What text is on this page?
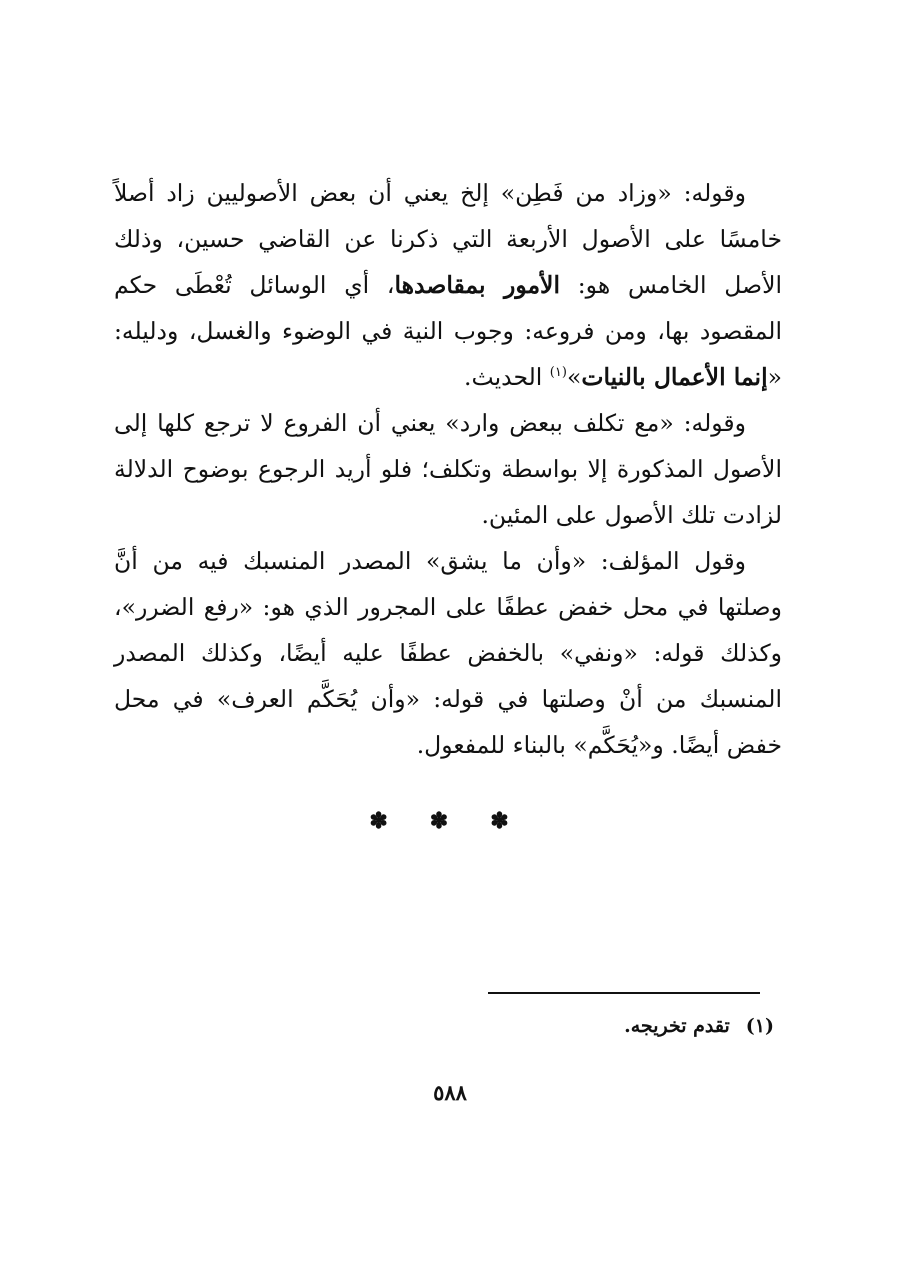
وقوله: «وزاد من فَطِن» إلخ يعني أن بعض الأصوليين زاد أصلاً خامسًا على الأصول الأربعة التي ذكرنا عن القاضي حسين، وذلك الأصل الخامس هو: الأمور بمقاصدها، أي الوسائل تُعْطَى حكم المقصود بها، ومن فروعه: وجوب النية في الوضوء والغسل، ودليله: «إنما الأعمال بالنيات»$^{(١)}$ الحديث.

وقوله: «مع تكلف ببعض وارد» يعني أن الفروع لا ترجع كلها إلى الأصول المذكورة إلا بواسطة وتكلف؛ فلو أريد الرجوع بوضوح الدلالة لزادت تلك الأصول على المئين.

وقول المؤلف: «وأن ما يشق» المصدر المنسبك فيه من أنَّ وصلتها في محل خفض عطفًا على المجرور الذي هو: «رفع الضرر»، وكذلك قوله: «ونفي» بالخفض عطفًا عليه أيضًا، وكذلك المصدر المنسبك من أنْ وصلتها في قوله: «وأن يُحَكَّم العرف» في محل خفض أيضًا. و«يُحَكَّم» بالبناء للمفعول.

✽✽✽
(١)تقدم تخريجه.
٥٨٨
